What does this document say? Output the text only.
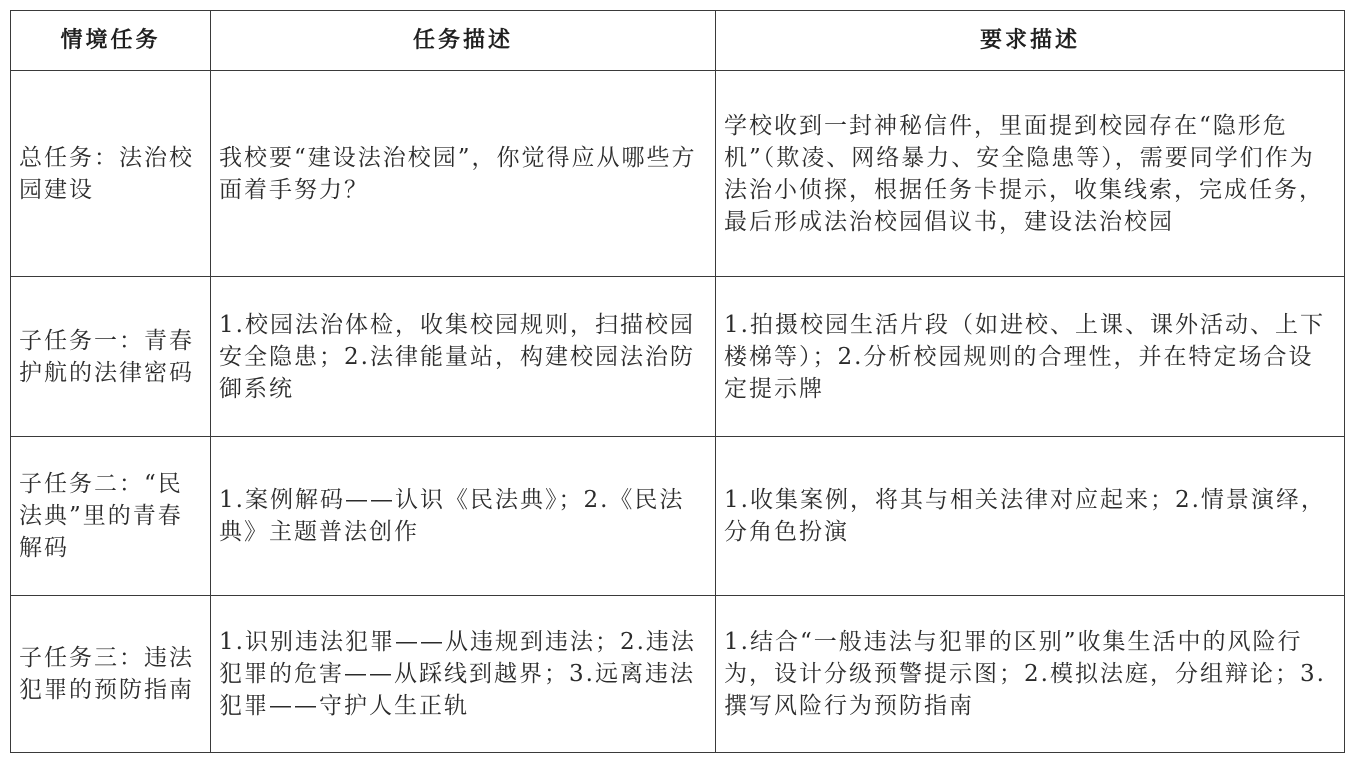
情境任务	任务描述	要求描述
总任务：法治校园建设	我校要“建设法治校园”，你觉得应从哪些方面着手努力？	学校收到一封神秘信件，里面提到校园存在“隐形危机”（欺凌、网络暴力、安全隐患等），需要同学们作为法治小侦探，根据任务卡提示，收集线索，完成任务，最后形成法治校园倡议书，建设法治校园
子任务一：青春护航的法律密码	1.校园法治体检，收集校园规则，扫描校园安全隐患；2.法律能量站，构建校园法治防御系统	1.拍摄校园生活片段（如进校、上课、课外活动、上下楼梯等）；2.分析校园规则的合理性，并在特定场合设定提示牌
子任务二：“民法典”里的青春解码	1.案例解码——认识《民法典》；2.《民法典》主题普法创作	1.收集案例，将其与相关法律对应起来；2.情景演绎，分角色扮演
子任务三：违法犯罪的预防指南	1.识别违法犯罪——从违规到违法；2.违法犯罪的危害——从踩线到越界；3.远离违法犯罪——守护人生正轨	1.结合“一般违法与犯罪的区别”收集生活中的风险行为，设计分级预警提示图；2.模拟法庭，分组辩论；3.撰写风险行为预防指南
